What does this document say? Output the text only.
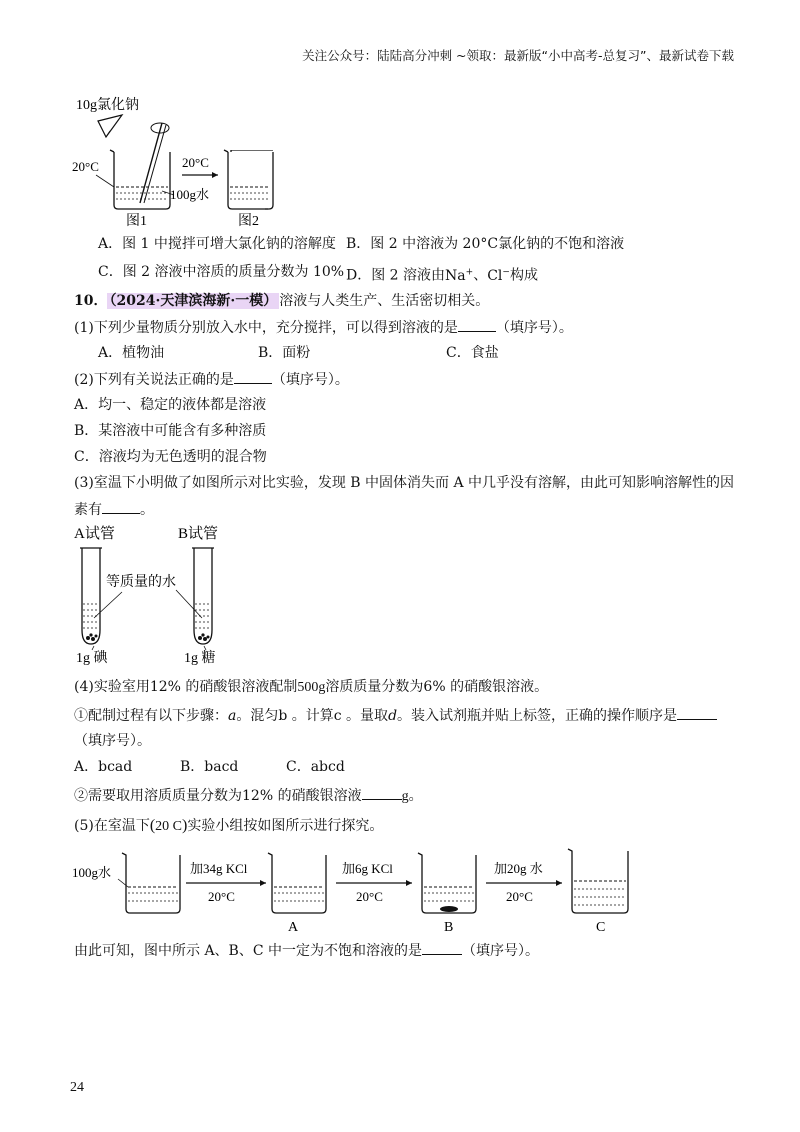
关注公众号：陆陆高分冲刺 ~领取：最新版“小中高考-总复习”、最新试卷下载
10g氯化钠
20°C
100g水
20°C
图1	图2
A．图 1 中搅拌可增大氯化钠的溶解度 B．图 2 中溶液为 20°C氯化钠的不饱和溶液
C．图 2 溶液中溶质的质量分数为 10% D．图 2 溶液由Na+、Cl−构成
10． （2024·天津滨海新·一模） 溶液与人类生产、生活密切相关。
(1)下列少量物质分别放入水中，充分搅拌，可以得到溶液的是	（填序号）。
A．植物油	B．面粉	C．食盐
(2)下列有关说法正确的是	（填序号）。
A．均一、稳定的液体都是溶液
B．某溶液中可能含有多种溶质
C．溶液均为无色透明的混合物
(3)室温下小明做了如图所示对比实验，发现 B 中固体消失而 A 中几乎没有溶解，由此可知影响溶解性的因
素有	。
A试管	B试管
等质量的水
1g 碘	1g 糖
(4)实验室用12% 的硝酸银溶液配制500g溶质质量分数为6% 的硝酸银溶液。
①配制过程有以下步骤：a。混匀b 。计算c 。量取d。装入试剂瓶并贴上标签，正确的操作顺序是
（填序号）。
A．bcad	B．bacd	C．abcd
②需要取用溶质质量分数为12% 的硝酸银溶液	g。
(5)在室温下(20 C)实验小组按如图所示进行探究。
100g水	加34g KCl
20°C
A
加6g KCl
20°C
B
加20g 水
20°C
C
由此可知，图中所示 A、B、C 中一定为不饱和溶液的是	（填序号）。
24
